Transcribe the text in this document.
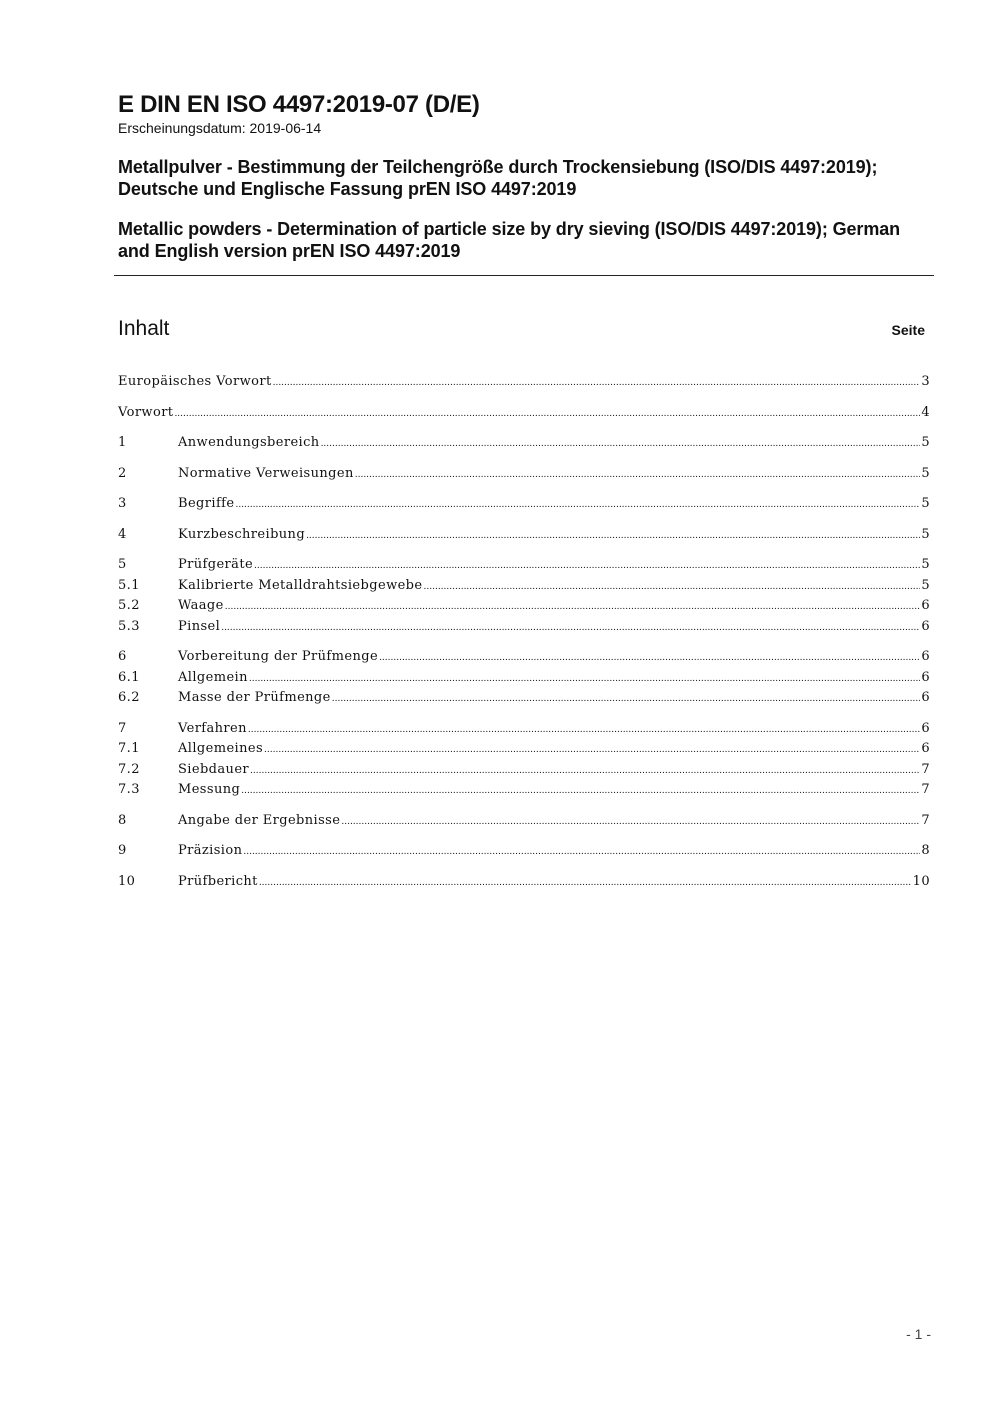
E DIN EN ISO 4497:2019-07 (D/E)
Erscheinungsdatum: 2019-06-14
Metallpulver - Bestimmung der Teilchengröße durch Trockensiebung (ISO/DIS 4497:2019); Deutsche und Englische Fassung prEN ISO 4497:2019
Metallic powders - Determination of particle size by dry sieving (ISO/DIS 4497:2019); German and English version prEN ISO 4497:2019
Inhalt	Seite
Europäisches Vorwort .....	3
Vorwort .....	4
1	Anwendungsbereich .....	5
2	Normative Verweisungen .....	5
3	Begriffe .....	5
4	Kurzbeschreibung .....	5
5	Prüfgeräte .....	5
5.1	Kalibrierte Metalldrahtsiebgewebe .....	5
5.2	Waage .....	6
5.3	Pinsel .....	6
6	Vorbereitung der Prüfmenge .....	6
6.1	Allgemein .....	6
6.2	Masse der Prüfmenge .....	6
7	Verfahren .....	6
7.1	Allgemeines .....	6
7.2	Siebdauer .....	7
7.3	Messung .....	7
8	Angabe der Ergebnisse .....	7
9	Präzision .....	8
10	Prüfbericht .....	10
- 1 -
